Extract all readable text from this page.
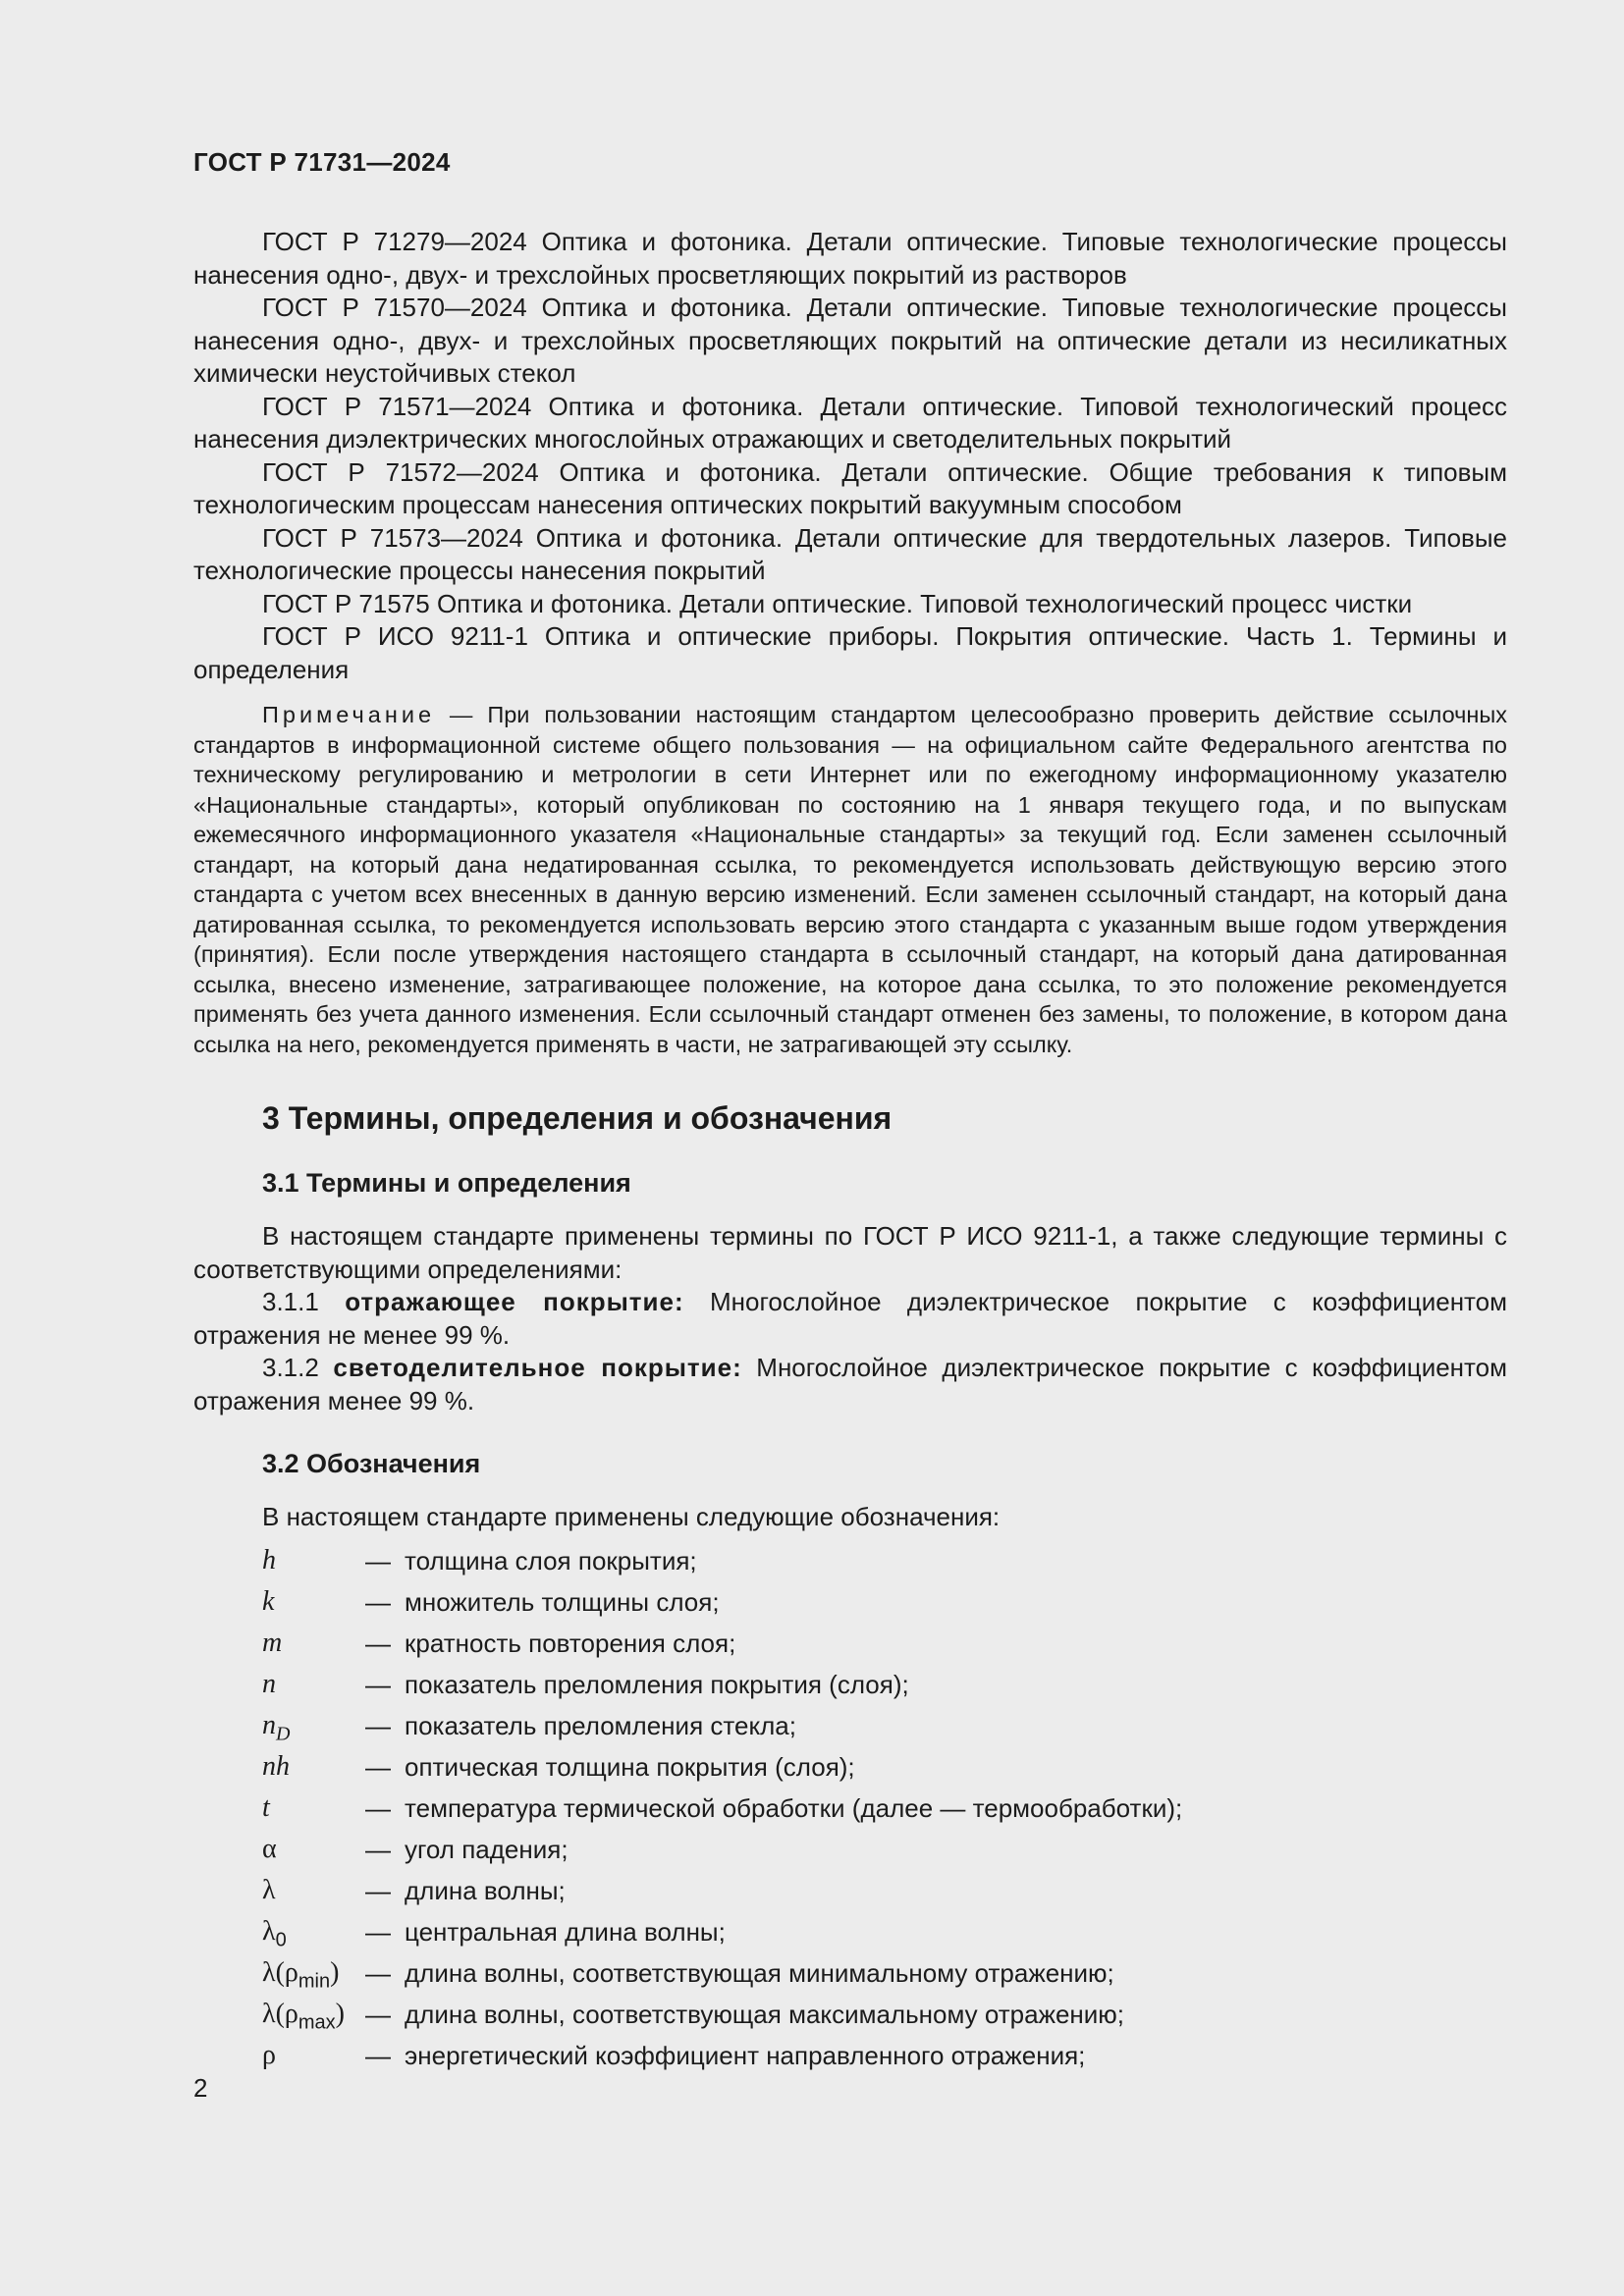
ГОСТ Р 71731—2024

ГОСТ Р 71279—2024 Оптика и фотоника. Детали оптические. Типовые технологические процессы нанесения одно-, двух- и трехслойных просветляющих покрытий из растворов

ГОСТ Р 71570—2024 Оптика и фотоника. Детали оптические. Типовые технологические процессы нанесения одно-, двух- и трехслойных просветляющих покрытий на оптические детали из несиликатных химически неустойчивых стекол

ГОСТ Р 71571—2024 Оптика и фотоника. Детали оптические. Типовой технологический процесс нанесения диэлектрических многослойных отражающих и светоделительных покрытий

ГОСТ Р 71572—2024 Оптика и фотоника. Детали оптические. Общие требования к типовым технологическим процессам нанесения оптических покрытий вакуумным способом

ГОСТ Р 71573—2024 Оптика и фотоника. Детали оптические для твердотельных лазеров. Типовые технологические процессы нанесения покрытий

ГОСТ Р 71575 Оптика и фотоника. Детали оптические. Типовой технологический процесс чистки

ГОСТ Р ИСО 9211-1 Оптика и оптические приборы. Покрытия оптические. Часть 1. Термины и определения

Примечание — При пользовании настоящим стандартом целесообразно проверить действие ссылочных стандартов в информационной системе общего пользования — на официальном сайте Федерального агентства по техническому регулированию и метрологии в сети Интернет или по ежегодному информационному указателю «Национальные стандарты», который опубликован по состоянию на 1 января текущего года, и по выпускам ежемесячного информационного указателя «Национальные стандарты» за текущий год. Если заменен ссылочный стандарт, на который дана недатированная ссылка, то рекомендуется использовать действующую версию этого стандарта с учетом всех внесенных в данную версию изменений. Если заменен ссылочный стандарт, на который дана датированная ссылка, то рекомендуется использовать версию этого стандарта с указанным выше годом утверждения (принятия). Если после утверждения настоящего стандарта в ссылочный стандарт, на который дана датированная ссылка, внесено изменение, затрагивающее положение, на которое дана ссылка, то это положение рекомендуется применять без учета данного изменения. Если ссылочный стандарт отменен без замены, то положение, в котором дана ссылка на него, рекомендуется применять в части, не затрагивающей эту ссылку.

3 Термины, определения и обозначения
3.1 Термины и определения

В настоящем стандарте применены термины по ГОСТ Р ИСО 9211-1, а также следующие термины с соответствующими определениями:

3.1.1 отражающее покрытие: Многослойное диэлектрическое покрытие с коэффициентом отражения не менее 99 %.

3.1.2 светоделительное покрытие: Многослойное диэлектрическое покрытие с коэффициентом отражения менее 99 %.

3.2 Обозначения

В настоящем стандарте применены следующие обозначения:

h	— толщина слоя покрытия;
k	— множитель толщины слоя;
m	— кратность повторения слоя;
n	— показатель преломления покрытия (слоя);
$n_D$	— показатель преломления стекла;
nh	— оптическая толщина покрытия (слоя);
t	— температура термической обработки (далее — термообработки);
α	— угол падения;
λ	— длина волны;
$\lambda_0$	— центральная длина волны;
$\lambda(\rho_{min})$	— длина волны, соответствующая минимальному отражению;
$\lambda(\rho_{max})$ — длина волны, соответствующая максимальному отражению;
ρ	— энергетический коэффициент направленного отражения;
2
